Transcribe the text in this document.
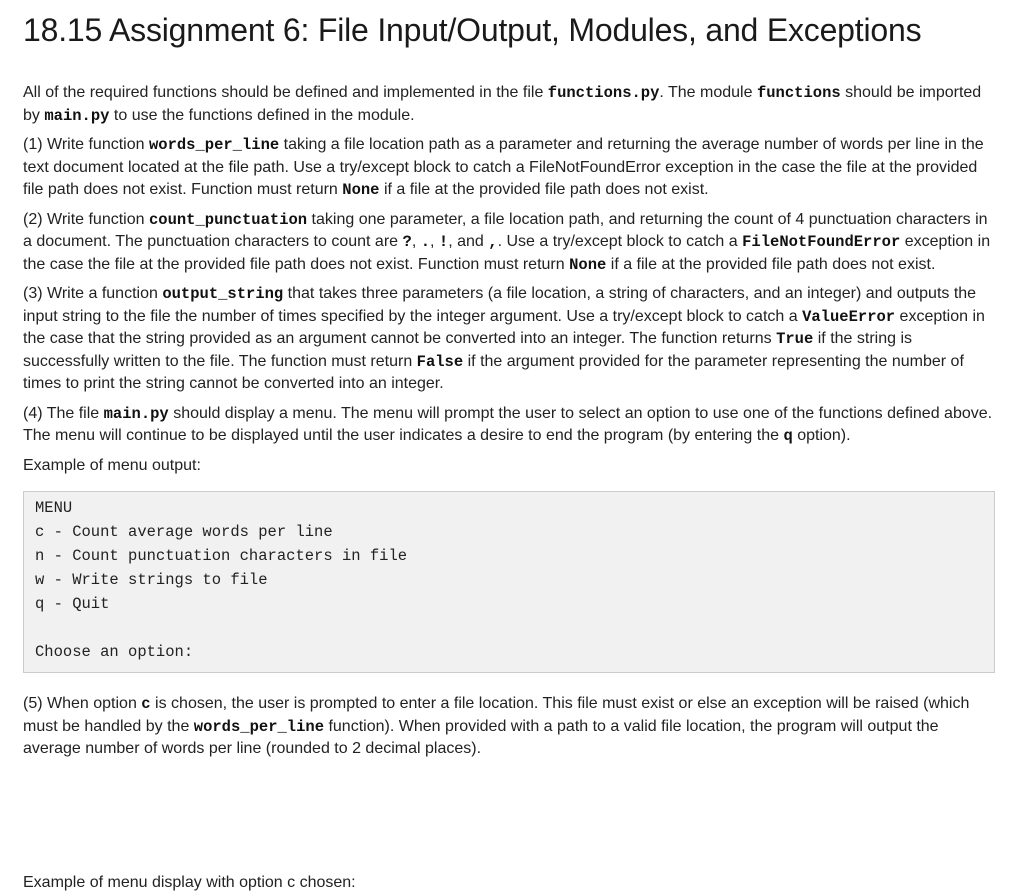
18.15 Assignment 6: File Input/Output, Modules, and Exceptions

All of the required functions should be defined and implemented in the file functions.py. The module functions should be imported by main.py to use the functions defined in the module.

(1) Write function words_per_line taking a file location path as a parameter and returning the average number of words per line in the text document located at the file path. Use a try/except block to catch a FileNotFoundError exception in the case the file at the provided file path does not exist. Function must return None if a file at the provided file path does not exist.

(2) Write function count_punctuation taking one parameter, a file location path, and returning the count of 4 punctuation characters in a document. The punctuation characters to count are ?, ., !, and ,. Use a try/except block to catch a FileNotFoundError exception in the case the file at the provided file path does not exist. Function must return None if a file at the provided file path does not exist.

(3) Write a function output_string that takes three parameters (a file location, a string of characters, and an integer) and outputs the input string to the file the number of times specified by the integer argument. Use a try/except block to catch a ValueError exception in the case that the string provided as an argument cannot be converted into an integer. The function returns True if the string is successfully written to the file. The function must return False if the argument provided for the parameter representing the number of times to print the string cannot be converted into an integer.

(4) The file main.py should display a menu. The menu will prompt the user to select an option to use one of the functions defined above. The menu will continue to be displayed until the user indicates a desire to end the program (by entering the q option).

Example of menu output:

MENU
c - Count average words per line
n - Count punctuation characters in file
w - Write strings to file
q - Quit
Choose an option:

(5) When option c is chosen, the user is prompted to enter a file location. This file must exist or else an exception will be raised (which must be handled by the words_per_line function). When provided with a path to a valid file location, the program will output the average number of words per line (rounded to 2 decimal places).

Example of menu display with option c chosen:
